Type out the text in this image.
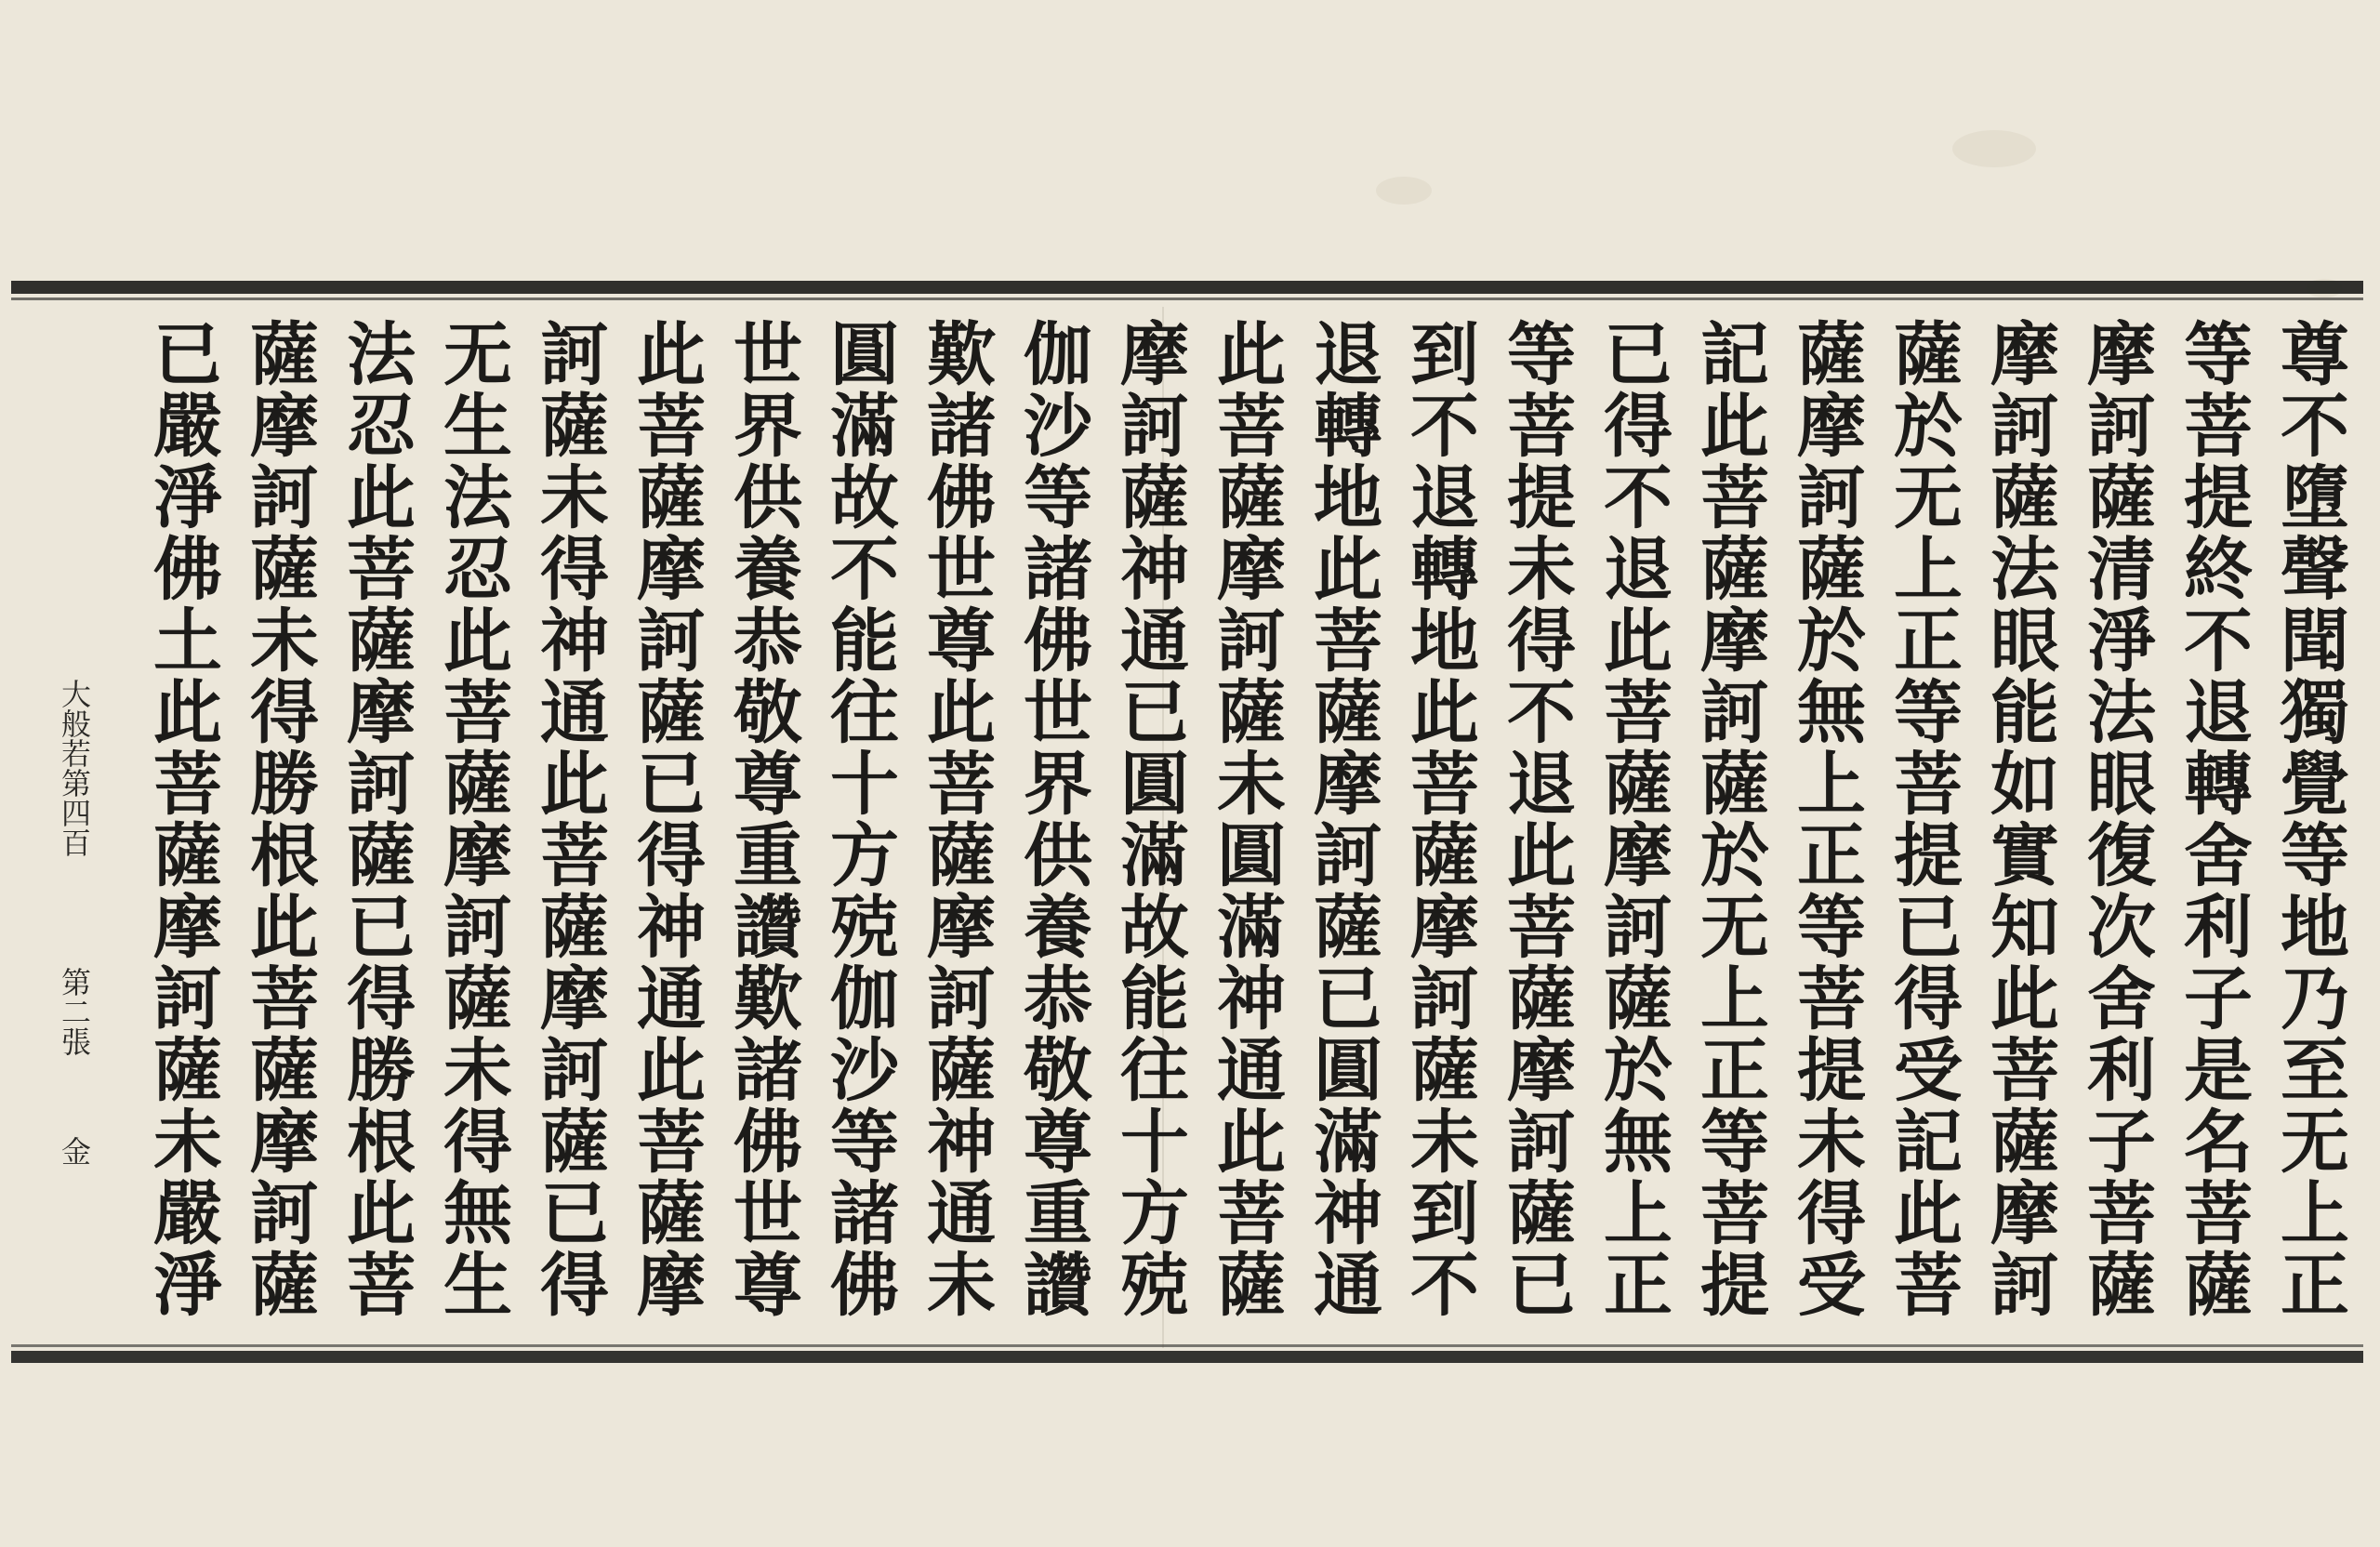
尊不墮聲聞獨覺等地乃至无上正
等菩提終不退轉舍利子是名菩薩
摩訶薩清淨法眼復次舍利子菩薩
摩訶薩法眼能如實知此菩薩摩訶
薩於无上正等菩提已得受記此菩
薩摩訶薩於無上正等菩提未得受
記此菩薩摩訶薩於无上正等菩提
已得不退此菩薩摩訶薩於無上正
等菩提未得不退此菩薩摩訶薩已
到不退轉地此菩薩摩訶薩未到不
退轉地此菩薩摩訶薩已圓滿神通
此菩薩摩訶薩未圓滿神通此菩薩
摩訶薩神通已圓滿故能往十方殑
伽沙等諸佛世界供養恭敬尊重讚
歎諸佛世尊此菩薩摩訶薩神通未
圓滿故不能往十方殑伽沙等諸佛
世界供養恭敬尊重讚歎諸佛世尊
此菩薩摩訶薩已得神通此菩薩摩
訶薩未得神通此菩薩摩訶薩已得
无生法忍此菩薩摩訶薩未得無生
法忍此菩薩摩訶薩已得勝根此菩
薩摩訶薩未得勝根此菩薩摩訶薩
已嚴淨佛土此菩薩摩訶薩未嚴淨
大般若第四百
第二張
金
